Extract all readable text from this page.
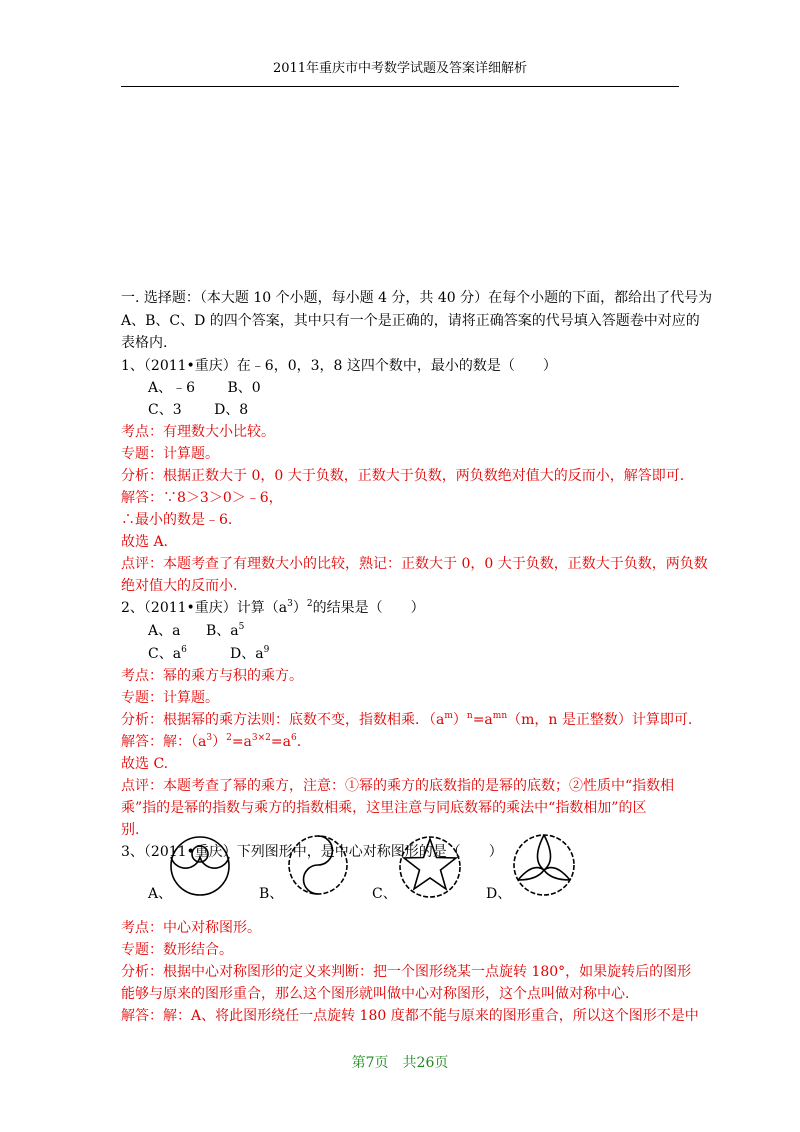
2011年重庆市中考数学试题及答案详细解析
一. 选择题：（本大题 10 个小题，每小题 4 分，共 40 分）在每个小题的下面，都给出了代号为
A、B、C、D 的四个答案，其中只有一个是正确的，请将正确答案的代号填入答题卷中对应的
表格内.
1、（2011•重庆）在﹣6，0，3，8 这四个数中，最小的数是（　　）
A、﹣6　　 B、0
C、3　　 D、8
考点：有理数大小比较。
专题：计算题。
分析：根据正数大于 0，0 大于负数，正数大于负数，两负数绝对值大的反而小，解答即可.
解答：∵8＞3＞0＞﹣6，
∴最小的数是﹣6.
故选 A.
点评：本题考查了有理数大小的比较，熟记：正数大于 0，0 大于负数，正数大于负数，两负数
绝对值大的反而小.
2、（2011•重庆）计算$(a^3)^2$的结果是（　　）
A、a B、$a^5$
C、$a^6$	D、$a^9$
考点：幂的乘方与积的乘方。
专题：计算题。
分析：根据幂的乘方法则：底数不变，指数相乘．$(a^m)^n=a^{mn}(m$，n 是正整数）计算即可.
解答：解：$(a^3)^2=a^{3\times 2}=a^6$.
故选 C.
点评：本题考查了幂的乘方，注意：①幂的乘方的底数指的是幂的底数；②性质中“指数相
乘”指的是幂的指数与乘方的指数相乘，这里注意与同底数幂的乘法中“指数相加”的区
别.
3、（2011•重庆）下列图形中，是中心对称图形的是（　　）
A、	B、	C、	D、
考点：中心对称图形。
专题：数形结合。
分析：根据中心对称图形的定义来判断：把一个图形绕某一点旋转 180°，如果旋转后的图形
能够与原来的图形重合，那么这个图形就叫做中心对称图形，这个点叫做对称中心.
解答：解：A、将此图形绕任一点旋转 180 度都不能与原来的图形重合，所以这个图形不是中
第7页　共26页
